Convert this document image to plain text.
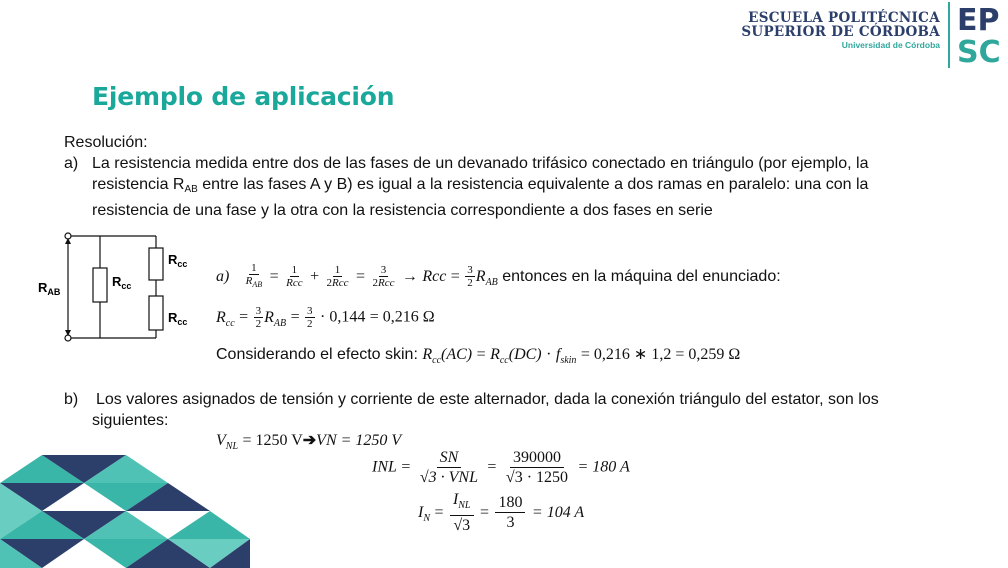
Ejemplo de aplicación
ESCUELA POLITÉCNICA
SUPERIOR DE CÓRDOBA
Universidad de Córdoba
EP
SC
Resolución:
a) La resistencia medida entre dos de las fases de un devanado trifásico conectado en triángulo (por ejemplo, la
resistencia $R_{AB}$ entre las fases A y B) es igual a la resistencia equivalente a dos ramas en paralelo: una con la
resistencia de una fase y la otra con la resistencia correspondiente a dos fases en serie
$R_{AB}$
$R_{cc}$
$R_{cc}$
$R_{cc}$
$a) \frac{1}{R_{AB}} = \frac{1}{\text{Rcc}} + \frac{1}{\text{2Rcc}} = \frac{3}{\text{2Rcc}}$ → Rcc = $\frac{3}{2} R_{AB}$ entonces en la máquina del enunciado:
$R_{cc} = \frac{3}{2} R_{AB} = \frac{3}{2} \cdot 0,144 = 0,216$ Ω
Considerando el efecto skin: $R_{cc}(AC) = R_{cc}(DC) \cdot f_{skin} = 0,216$ ∗ 1,2 = 0,259 Ω
b) Los valores asignados de tensión y corriente de este alternador, dada la conexión triángulo del estator, son los
siguientes:
$V_{NL} = 1250$ V➔VN = 1250 V
INL = $\frac{SN}{\text{√3 · VNL}} = \frac{390000}{√3 \cdot 1250} = 180$ A
$I_N = \frac{I_{NL}}{√3} = \frac{180}{3} = 104$ A
